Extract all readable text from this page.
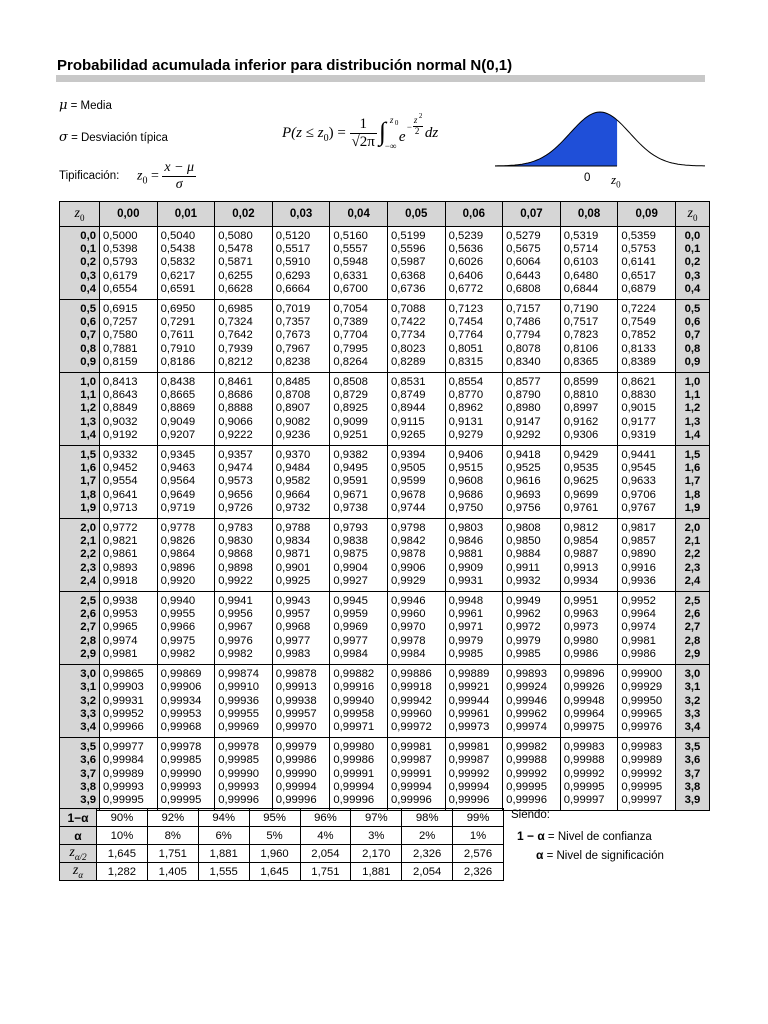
Probabilidad acumulada inferior para distribución normal N(0,1)
μ = Media
σ = Desviación típica
Tipificación: $z_0 = \frac{x - \mu}{\sigma}$
$P(z \le z_0) = \frac{1}{√2\pi}$ ∫ z 0
−∞
e
−
z 2
2 dz
0 $z_0$
$z_0$	0,00	0,01	0,02	0,03	0,04	0,05	0,06	0,07	0,08	0,09	$z_0$
0,0	0,5000	0,5040	0,5080	0,5120	0,5160	0,5199	0,5239	0,5279	0,5319	0,5359	0,0
0,1	0,5398	0,5438	0,5478	0,5517	0,5557	0,5596	0,5636	0,5675	0,5714	0,5753	0,1
0,2	0,5793	0,5832	0,5871	0,5910	0,5948	0,5987	0,6026	0,6064	0,6103	0,6141	0,2
0,3	0,6179	0,6217	0,6255	0,6293	0,6331	0,6368	0,6406	0,6443	0,6480	0,6517	0,3
0,4	0,6554	0,6591	0,6628	0,6664	0,6700	0,6736	0,6772	0,6808	0,6844	0,6879	0,4
0,5	0,6915	0,6950	0,6985	0,7019	0,7054	0,7088	0,7123	0,7157	0,7190	0,7224	0,5
0,6	0,7257	0,7291	0,7324	0,7357	0,7389	0,7422	0,7454	0,7486	0,7517	0,7549	0,6
0,7	0,7580	0,7611	0,7642	0,7673	0,7704	0,7734	0,7764	0,7794	0,7823	0,7852	0,7
0,8	0,7881	0,7910	0,7939	0,7967	0,7995	0,8023	0,8051	0,8078	0,8106	0,8133	0,8
0,9	0,8159	0,8186	0,8212	0,8238	0,8264	0,8289	0,8315	0,8340	0,8365	0,8389	0,9
1,0	0,8413	0,8438	0,8461	0,8485	0,8508	0,8531	0,8554	0,8577	0,8599	0,8621	1,0
1,1	0,8643	0,8665	0,8686	0,8708	0,8729	0,8749	0,8770	0,8790	0,8810	0,8830	1,1
1,2	0,8849	0,8869	0,8888	0,8907	0,8925	0,8944	0,8962	0,8980	0,8997	0,9015	1,2
1,3	0,9032	0,9049	0,9066	0,9082	0,9099	0,9115	0,9131	0,9147	0,9162	0,9177	1,3
1,4	0,9192	0,9207	0,9222	0,9236	0,9251	0,9265	0,9279	0,9292	0,9306	0,9319	1,4
1,5	0,9332	0,9345	0,9357	0,9370	0,9382	0,9394	0,9406	0,9418	0,9429	0,9441	1,5
1,6	0,9452	0,9463	0,9474	0,9484	0,9495	0,9505	0,9515	0,9525	0,9535	0,9545	1,6
1,7	0,9554	0,9564	0,9573	0,9582	0,9591	0,9599	0,9608	0,9616	0,9625	0,9633	1,7
1,8	0,9641	0,9649	0,9656	0,9664	0,9671	0,9678	0,9686	0,9693	0,9699	0,9706	1,8
1,9	0,9713	0,9719	0,9726	0,9732	0,9738	0,9744	0,9750	0,9756	0,9761	0,9767	1,9
2,0	0,9772	0,9778	0,9783	0,9788	0,9793	0,9798	0,9803	0,9808	0,9812	0,9817	2,0
2,1	0,9821	0,9826	0,9830	0,9834	0,9838	0,9842	0,9846	0,9850	0,9854	0,9857	2,1
2,2	0,9861	0,9864	0,9868	0,9871	0,9875	0,9878	0,9881	0,9884	0,9887	0,9890	2,2
2,3	0,9893	0,9896	0,9898	0,9901	0,9904	0,9906	0,9909	0,9911	0,9913	0,9916	2,3
2,4	0,9918	0,9920	0,9922	0,9925	0,9927	0,9929	0,9931	0,9932	0,9934	0,9936	2,4
2,5	0,9938	0,9940	0,9941	0,9943	0,9945	0,9946	0,9948	0,9949	0,9951	0,9952	2,5
2,6	0,9953	0,9955	0,9956	0,9957	0,9959	0,9960	0,9961	0,9962	0,9963	0,9964	2,6
2,7	0,9965	0,9966	0,9967	0,9968	0,9969	0,9970	0,9971	0,9972	0,9973	0,9974	2,7
2,8	0,9974	0,9975	0,9976	0,9977	0,9977	0,9978	0,9979	0,9979	0,9980	0,9981	2,8
2,9	0,9981	0,9982	0,9982	0,9983	0,9984	0,9984	0,9985	0,9985	0,9986	0,9986	2,9
3,0	0,99865	0,99869	0,99874	0,99878	0,99882	0,99886	0,99889	0,99893	0,99896	0,99900	3,0
3,1	0,99903	0,99906	0,99910	0,99913	0,99916	0,99918	0,99921	0,99924	0,99926	0,99929	3,1
3,2	0,99931	0,99934	0,99936	0,99938	0,99940	0,99942	0,99944	0,99946	0,99948	0,99950	3,2
3,3	0,99952	0,99953	0,99955	0,99957	0,99958	0,99960	0,99961	0,99962	0,99964	0,99965	3,3
3,4	0,99966	0,99968	0,99969	0,99970	0,99971	0,99972	0,99973	0,99974	0,99975	0,99976	3,4
3,5	0,99977	0,99978	0,99978	0,99979	0,99980	0,99981	0,99981	0,99982	0,99983	0,99983	3,5
3,6	0,99984	0,99985	0,99985	0,99986	0,99986	0,99987	0,99987	0,99988	0,99988	0,99989	3,6
3,7	0,99989	0,99990	0,99990	0,99990	0,99991	0,99991	0,99992	0,99992	0,99992	0,99992	3,7
3,8	0,99993	0,99993	0,99993	0,99994	0,99994	0,99994	0,99994	0,99995	0,99995	0,99995	3,8
3,9	0,99995	0,99995	0,99996	0,99996	0,99996	0,99996	0,99996	0,99996	0,99997	0,99997	3,9
1−α	90%	92%	94%	95%	96%	97%	98%	99%
α	10%	8%	6%	5%	4%	3%	2%	1%
$z_{\alpha/2}$	1,645	1,751	1,881	1,960	2,054	2,170	2,326	2,576
$z_\alpha$	1,282	1,405	1,555	1,645	1,751	1,881	2,054	2,326
Siendo:
1 − α = Nivel de confianza
α = Nivel de significación
